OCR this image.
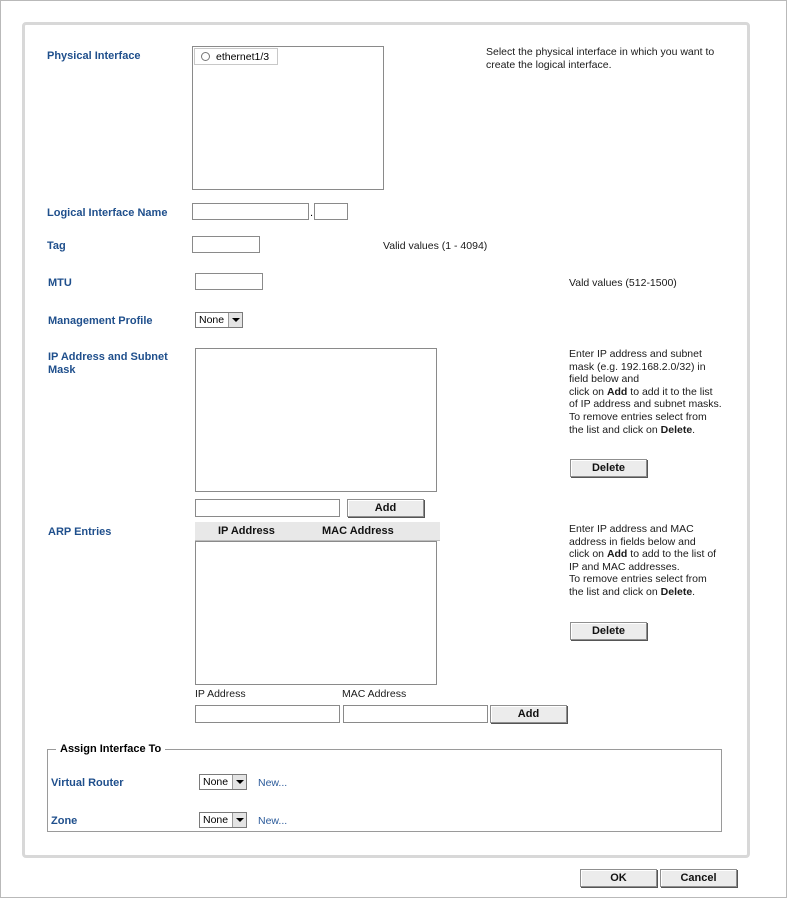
Physical Interface	ethernet1/3	Select the physical interface in which you want to
create the logical interface.
Logical Interface Name	.
Tag	Valid values (1 - 4094)
MTU	Vald values (512-1500)
Management Profile	None
IP Address and Subnet
Mask
Add
Enter IP address and subnet
mask (e.g. 192.168.2.0/32) in
field below and
click on Add to add it to the list
of IP address and subnet masks.
To remove entries select from
the list and click on Delete.
Delete
ARP Entries	IP Address	MAC Address
IP Address	MAC Address
Add
Enter IP address and MAC
address in fields below and
click on Add to add to the list of
IP and MAC addresses.
To remove entries select from
the list and click on Delete.
Delete
Assign Interface To
Virtual Router	None	New...
Zone	None	New...
OK	Cancel
